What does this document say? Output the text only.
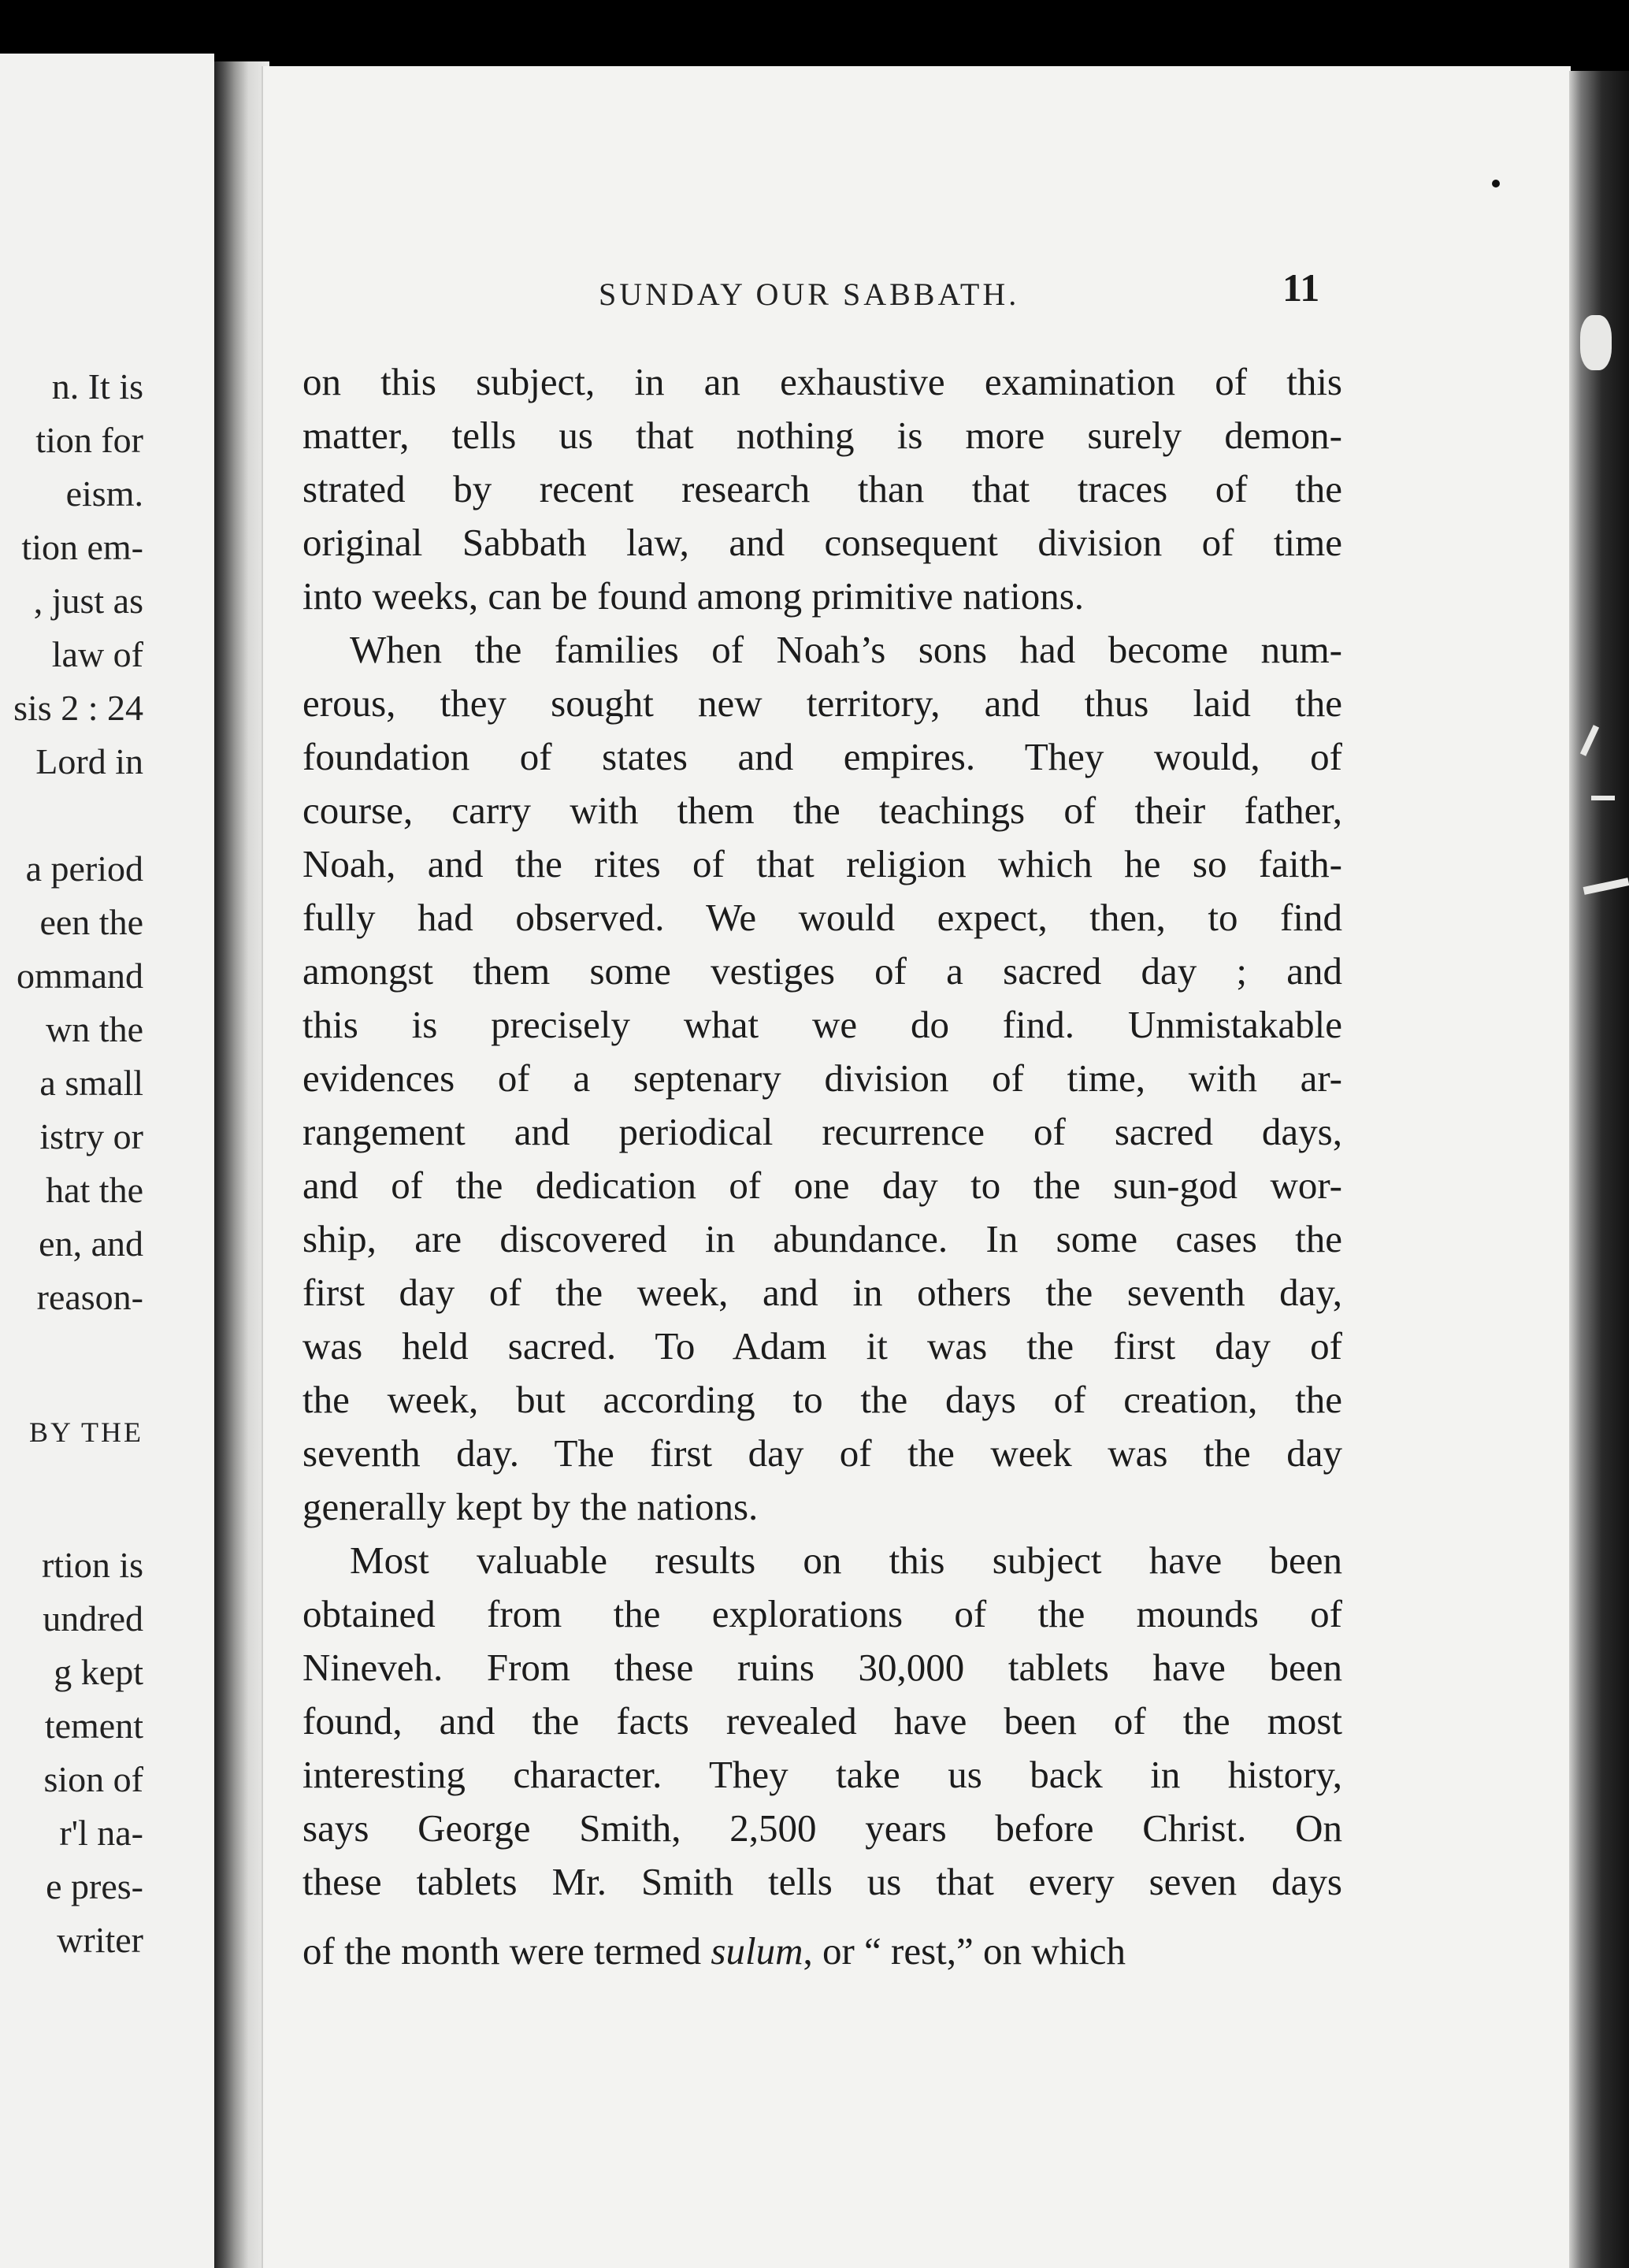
n. It is
tion for
eism.
tion em-
, just as
law of
sis 2 : 24
Lord in
a period
een the
ommand
wn the
a small
istry or
hat the
en, and
reason-
BY THE
rtion is
undred
g kept
tement
sion of
r'l na-
e pres-
writer
SUNDAY OUR SABBATH.	11
on this subject, in an exhaustive examination of this
matter, tells us that nothing is more surely demon-
strated by recent research than that traces of the
original Sabbath law, and consequent division of time
into weeks, can be found among primitive nations.
When the families of Noah’s sons had become num-
erous, they sought new territory, and thus laid the
foundation of states and empires. They would, of
course, carry with them the teachings of their father,
Noah, and the rites of that religion which he so faith-
fully had observed. We would expect, then, to find
amongst them some vestiges of a sacred day ; and
this is precisely what we do find. Unmistakable
evidences of a septenary division of time, with ar-
rangement and periodical recurrence of sacred days,
and of the dedication of one day to the sun-god wor-
ship, are discovered in abundance. In some cases the
first day of the week, and in others the seventh day,
was held sacred. To Adam it was the first day of
the week, but according to the days of creation, the
seventh day. The first day of the week was the day
generally kept by the nations.
Most valuable results on this subject have been
obtained from the explorations of the mounds of
Nineveh. From these ruins 30,000 tablets have been
found, and the facts revealed have been of the most
interesting character. They take us back in history,
says George Smith, 2,500 years before Christ. On
these tablets Mr. Smith tells us that every seven days
of the month were termed sulum, or “ rest,” on which
